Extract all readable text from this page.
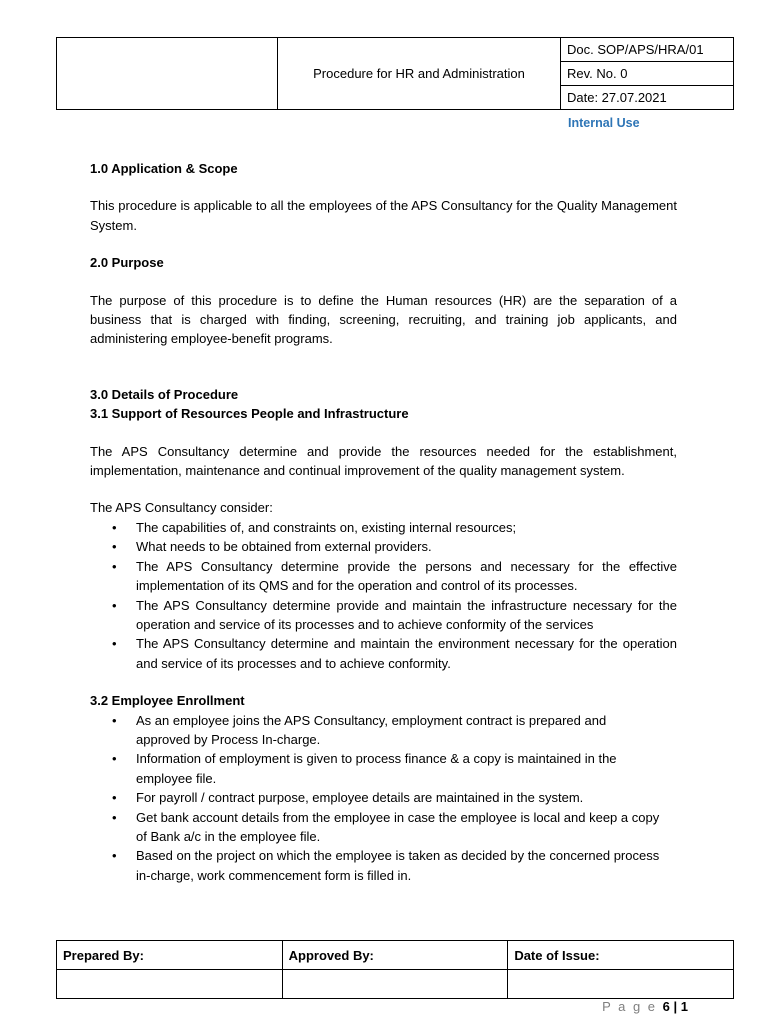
	Procedure for HR and Administration	Doc. SOP/APS/HRA/01
Rev. No. 0
Date: 27.07.2021
Internal Use

1.0 Application & Scope

This procedure is applicable to all the employees of the APS Consultancy for the Quality Management System.

2.0 Purpose

The purpose of this procedure is to define the Human resources (HR) are the separation of a business that is charged with finding, screening, recruiting, and training job applicants, and administering employee-benefit programs.

3.0 Details of Procedure

3.1 Support of Resources People and Infrastructure

The APS Consultancy determine and provide the resources needed for the establishment, implementation, maintenance and continual improvement of the quality management system.

The APS Consultancy consider:

• The capabilities of, and constraints on, existing internal resources;
• What needs to be obtained from external providers.
• The APS Consultancy determine provide the persons and necessary for the effective implementation of its QMS and for the operation and control of its processes.
• The APS Consultancy determine provide and maintain the infrastructure necessary for the operation and service of its processes and to achieve conformity of the services
• The APS Consultancy determine and maintain the environment necessary for the operation and service of its processes and to achieve conformity.

3.2 Employee Enrollment

• As an employee joins the APS Consultancy, employment contract is prepared and approved by Process In-charge.
• Information of employment is given to process finance & a copy is maintained in the employee file.
• For payroll / contract purpose, employee details are maintained in the system.
• Get bank account details from the employee in case the employee is local and keep a copy of Bank a/c in the employee file.
• Based on the project on which the employee is taken as decided by the concerned process in-charge, work commencement form is filled in.
Prepared By:	Approved By:	Date of Issue:

P a g e 6 | 1
